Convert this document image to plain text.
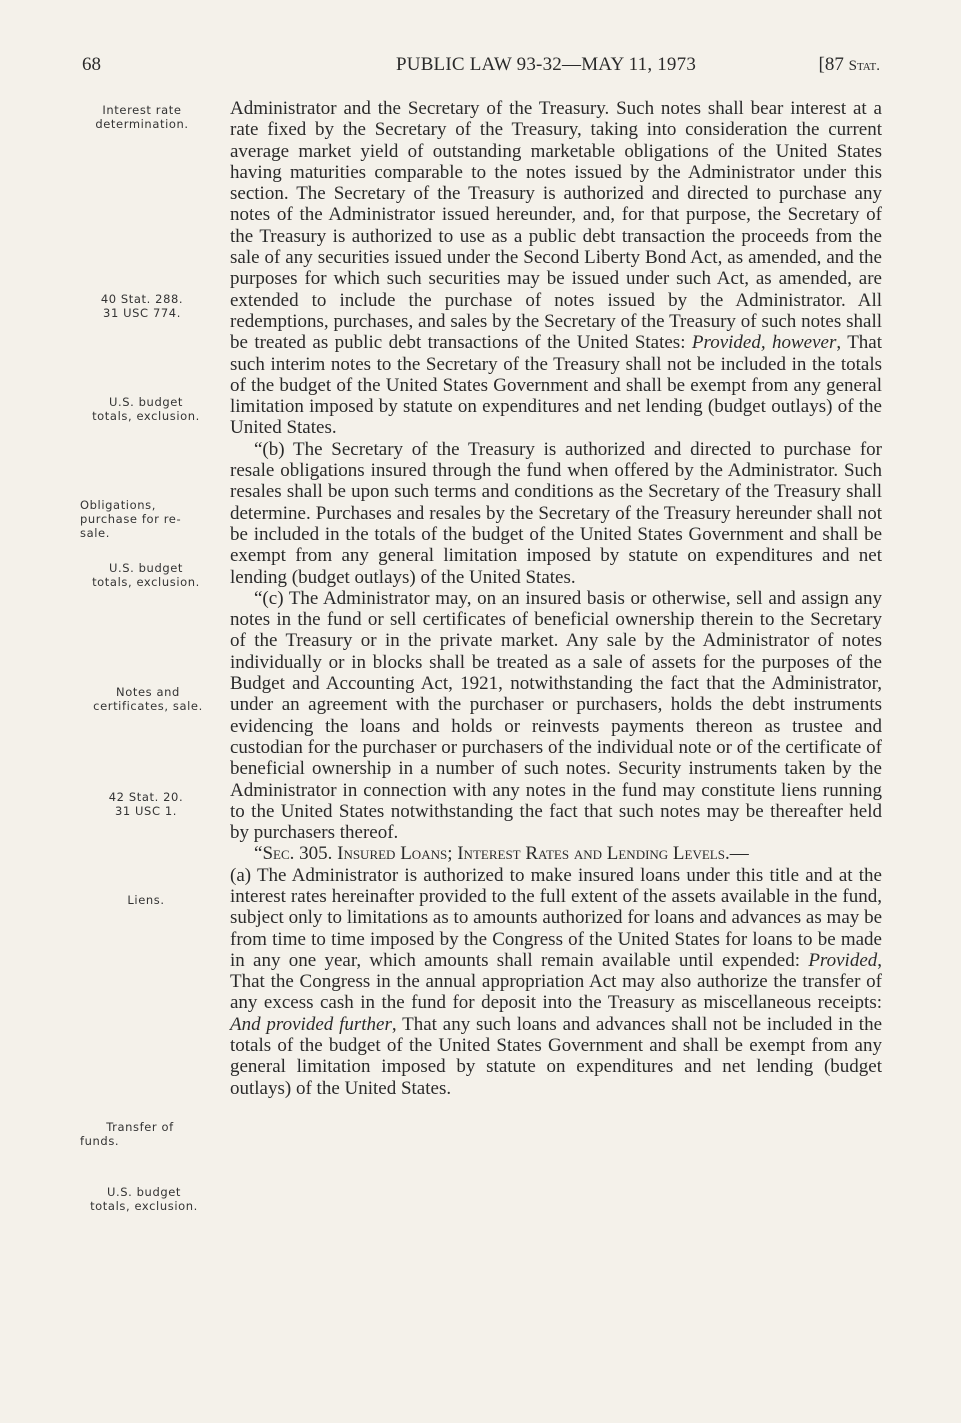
68	PUBLIC LAW 93-32—MAY 11, 1973	[87 Stat.
Interest rate
determination.
40 Stat. 288.
31 USC 774.
U.S. budget
totals, exclusion.
Obligations,
purchase for re-
sale.
U.S. budget
totals, exclusion.
Notes and
certificates, sale.
42 Stat. 20.
31 USC 1.
Liens.
Transfer of
funds.
U.S. budget
totals, exclusion.

Administrator and the Secretary of the Treasury. Such notes shall bear interest at a rate fixed by the Secretary of the Treasury, taking into consideration the current average market yield of outstanding marketable obligations of the United States having maturities comparable to the notes issued by the Administrator under this section. The Secretary of the Treasury is authorized and directed to purchase any notes of the Administrator issued hereunder, and, for that purpose, the Secretary of the Treasury is authorized to use as a public debt transaction the proceeds from the sale of any securities issued under the Second Liberty Bond Act, as amended, and the purposes for which such securities may be issued under such Act, as amended, are extended to include the purchase of notes issued by the Administrator. All redemptions, purchases, and sales by the Secretary of the Treasury of such notes shall be treated as public debt transactions of the United States: Provided, however, That such interim notes to the Secretary of the Treasury shall not be included in the totals of the budget of the United States Government and shall be exempt from any general limitation imposed by statute on expenditures and net lending (budget outlays) of the United States.

“(b) The Secretary of the Treasury is authorized and directed to purchase for resale obligations insured through the fund when offered by the Administrator. Such resales shall be upon such terms and conditions as the Secretary of the Treasury shall determine. Purchases and resales by the Secretary of the Treasury hereunder shall not be included in the totals of the budget of the United States Government and shall be exempt from any general limitation imposed by statute on expenditures and net lending (budget outlays) of the United States.

“(c) The Administrator may, on an insured basis or otherwise, sell and assign any notes in the fund or sell certificates of beneficial ownership therein to the Secretary of the Treasury or in the private market. Any sale by the Administrator of notes individually or in blocks shall be treated as a sale of assets for the purposes of the Budget and Accounting Act, 1921, notwithstanding the fact that the Administrator, under an agreement with the purchaser or purchasers, holds the debt instruments evidencing the loans and holds or reinvests payments thereon as trustee and custodian for the purchaser or purchasers of the individual note or of the certificate of beneficial ownership in a number of such notes. Security instruments taken by the Administrator in connection with any notes in the fund may constitute liens running to the United States notwithstanding the fact that such notes may be thereafter held by purchasers thereof.

“Sec. 305. Insured Loans; Interest Rates and Lending Levels.—

(a) The Administrator is authorized to make insured loans under this title and at the interest rates hereinafter provided to the full extent of the assets available in the fund, subject only to limitations as to amounts authorized for loans and advances as may be from time to time imposed by the Congress of the United States for loans to be made in any one year, which amounts shall remain available until expended: Provided, That the Congress in the annual appropriation Act may also authorize the transfer of any excess cash in the fund for deposit into the Treasury as miscellaneous receipts: And provided further, That any such loans and advances shall not be included in the totals of the budget of the United States Government and shall be exempt from any general limitation imposed by statute on expenditures and net lending (budget outlays) of the United States.
